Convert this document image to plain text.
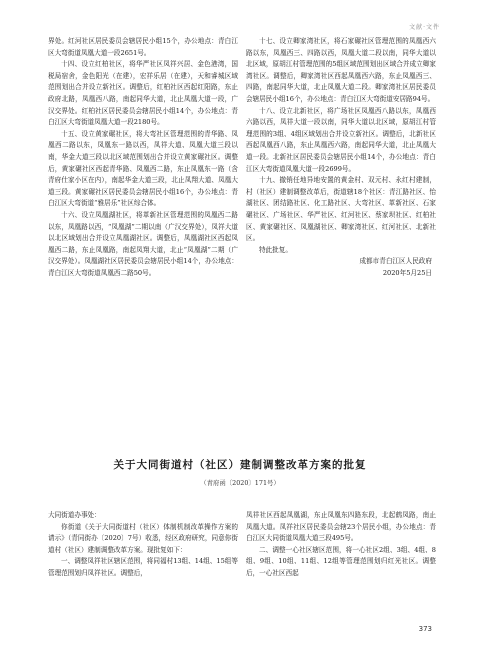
文献·文件

界处。红河社区居民委员会辖居民小组15个，办公地点：青白江区大弯街道凤凰大道一段2651号。

十四、设立红柏社区，将华严社区凤祥兴居、金色港湾，国税局宿舍，金色阳光（在建），宏祥乐居（在建），天和睿城区域范围划出合并设立新社区。调整后，红柏社区西起红阳路，东止政府北路，凤凰西八路，南起同华大道，北止凤凰大道一段，广汉交界处。红柏社区居民委员会辖居民小组14个，办公地点：青白江区大弯街道凤凰大道一段2180号。

十五、设立黄家碾社区，将大弯社区管理范围的青华路、凤凰西二路以东，凤凰东一路以西，凤祥大道、凤凰大道三段以南，华金大道三段以北区域范围划出合并设立黄家碾社区。调整后，黄家碾社区西起青华路、凤凰西二路，东止凤凰东一路（含青府仕家小区在内），南起华金大道三段，北止凤翔大道、凤凰大道三段。黄家碾社区居民委员会辖居民小组16个，办公地点：青白江区大弯街道“雅居乐”社区综合体。

十六、设立凤凰湖社区，将革新社区管理范围的凤凰西二路以东，凤凰路以西，“凤凰湖”二期以南（广汉交界处），凤祥大道以北区域划出合并设立凤凰湖社区。调整后，凤凰湖社区西起凤凰西二路，东止凤凰路，南起凤翔大道，北止“凤凰湖”二期（广汉交界处）。凤凰湖社区居民委员会辖居民小组14个，办公地点：青白江区大弯街道凤凰西二路50号。

十七、设立卿家湾社区，将石家碾社区管理范围的凤凰西六路以东，凤凰西三、四路以西，凤凰大道二段以南，同华大道以北区域，原胡江村管理范围的5组区域范围划出区域合并成立卿家湾社区。调整后，卿家湾社区西起凤凰西六路，东止凤凰西三、四路，南起同华大道，北止凤凰大道二段。卿家湾社区居民委员会辖居民小组16个，办公地点：青白江区大弯街道安居路94号。

十八、设立北新社区，将广场社区凤凰西八路以东，凤凰西六路以西，凤祥大道一段以南，同华大道以北区域，原胡江村管理范围的3组、4组区域划出合并设立新社区。调整后，北新社区西起凤凰西八路，东止凤凰西六路，南起同华大道，北止凤凰大道一段。北新社区居民委员会辖居民小组14个，办公地点：青白江区大弯街道凤凰大道一段2699号。

十九、撤销任地异地安置的黄金村、双元村、永红村建制，村（社区）建制调整改革后，街道辖18个社区：青江路社区、怡湖社区、团结路社区、化工路社区、大弯社区、革新社区、石家碾社区、广场社区、华严社区、红河社区、蔡家坝社区、红柏社区、黄家碾社区、凤凰湖社区、卿家湾社区、红河社区、北新社区。

特此批复。

成都市青白江区人民政府

2020年5月25日

关于大同街道村（社区）建制调整改革方案的批复
（青府函〔2020〕171号）

大同街道办事处：

你街道《关于大同街道村（社区）体制机制改革操作方案的请示》（青同街办〔2020〕7号）收悉，经区政府研究，同意你街道村（社区）建制调整改革方案。现批复如下：

一、调整凤祥社区辖区范围，将同福村13组、14组、15组等管理范围划归凤祥社区。调整后，

凤祥社区西起凤凰湖，东止凤凰东四路东段，北起鹤凤路，南止凤凰大道。凤祥社区居民委员会辖23个居民小组，办公地点：青白江区大同街道凤凰大道三段495号。

二、调整一心社区辖区范围，将一心社区2组、3组、4组、8组、9组、10组、11组、12组等管理范围划归红光社区。调整后，一心社区西起

373
